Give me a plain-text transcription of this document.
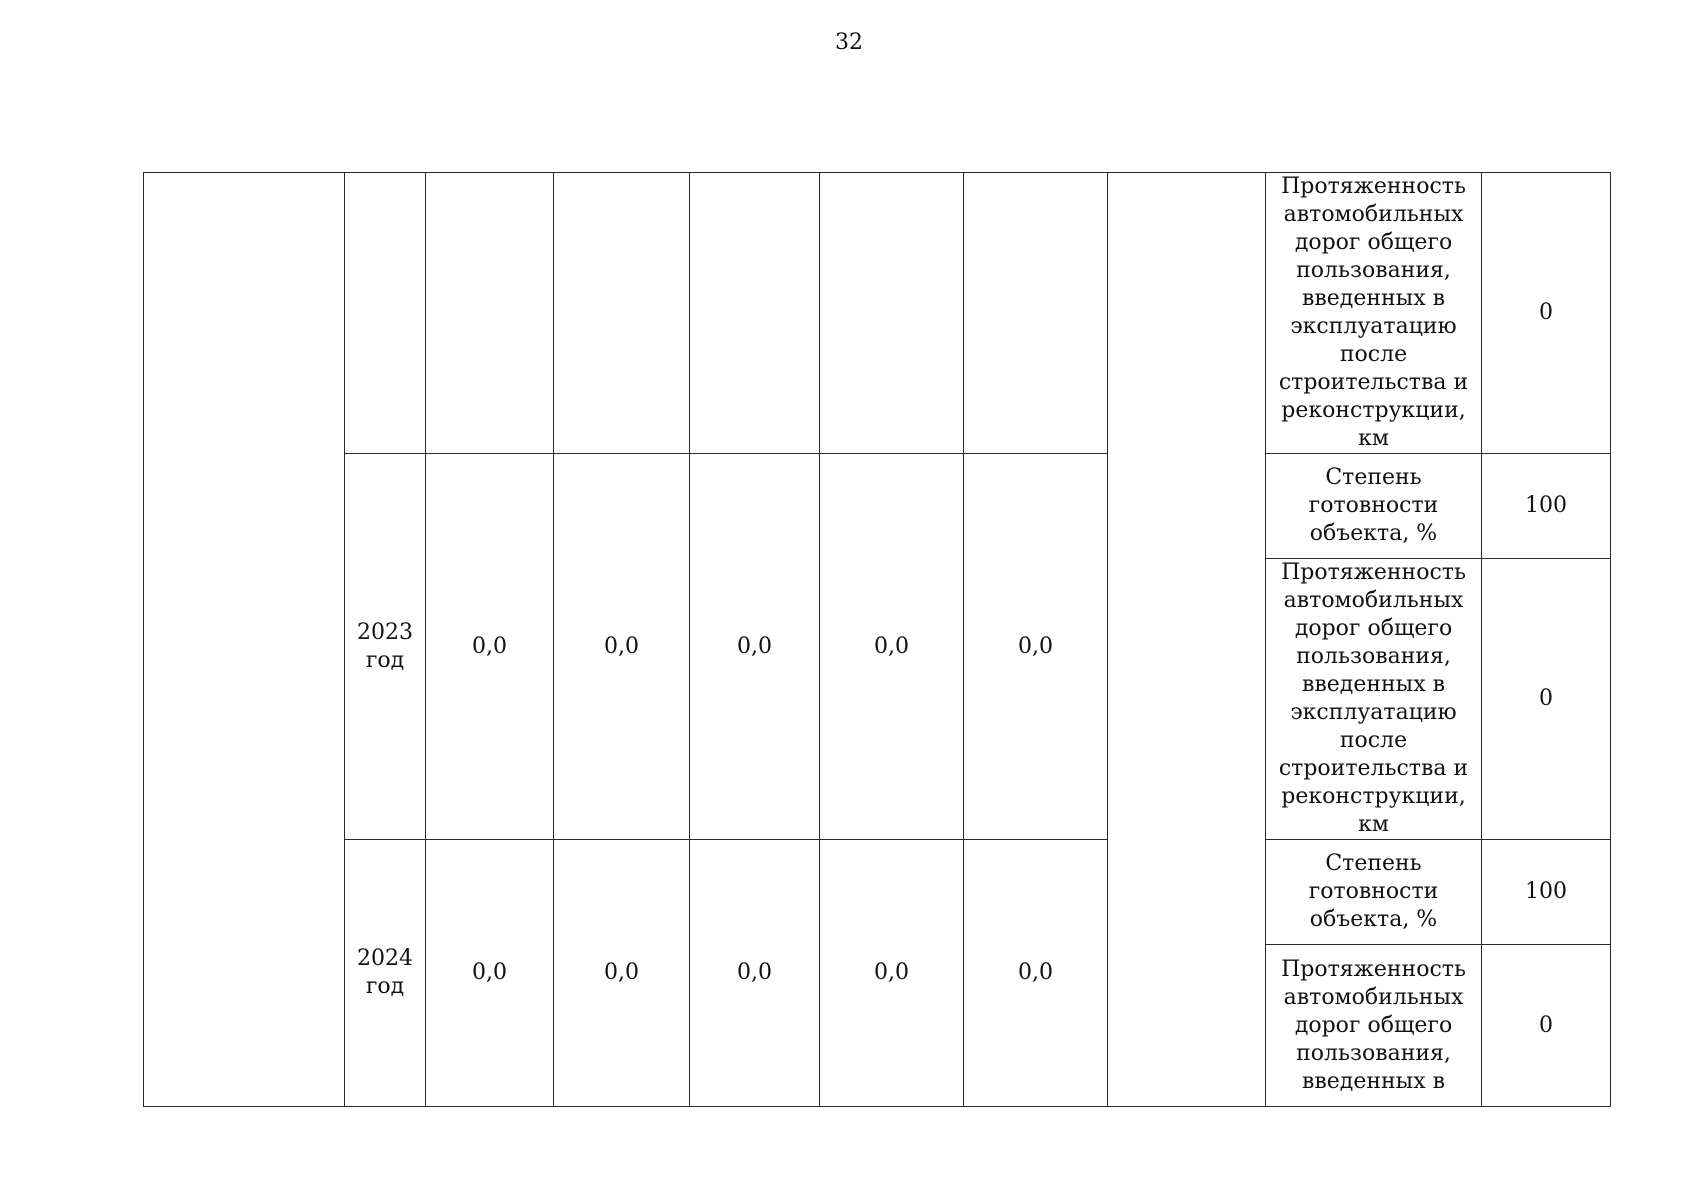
32
								Протяженность автомобильных дорог общего пользования, введенных в эксплуатацию после строительства и реконструкции, км	0
	2023 год	0,0	0,0	0,0	0,0	0,0		Степень готовности объекта, %	100
								Протяженность автомобильных дорог общего пользования, введенных в эксплуатацию после строительства и реконструкции, км	0
	2024 год	0,0	0,0	0,0	0,0	0,0		Степень готовности объекта, %	100
								Протяженность автомобильных дорог общего пользования, введенных в	0
